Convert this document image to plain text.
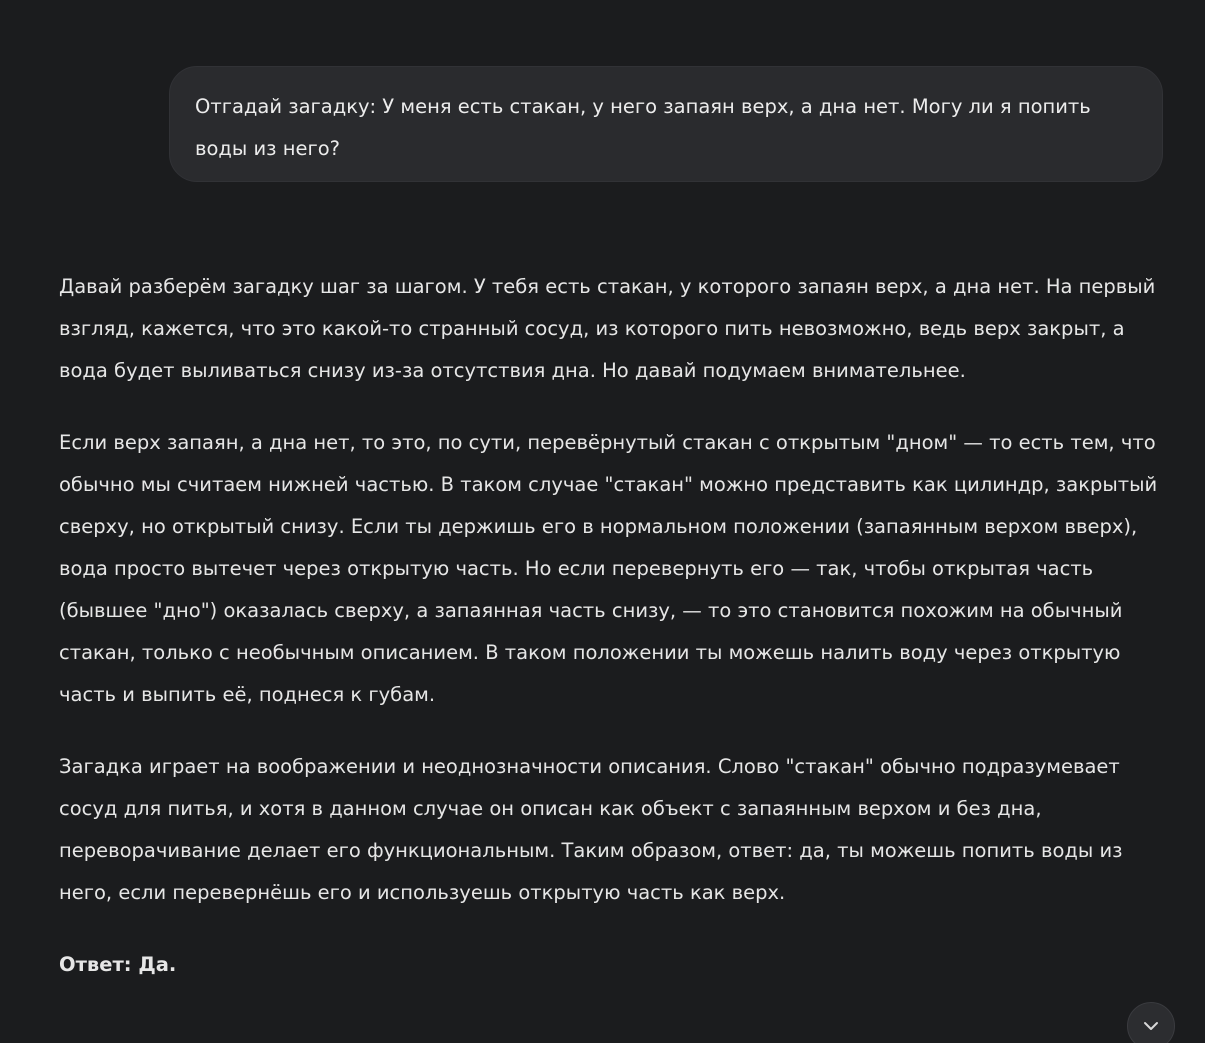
Отгадай загадку: У меня есть стакан, у него запаян верх, а дна нет. Могу ли я попить воды из него?

Давай разберём загадку шаг за шагом. У тебя есть стакан, у которого запаян верх, а дна нет. На первый взгляд, кажется, что это какой-то странный сосуд, из которого пить невозможно, ведь верх закрыт, а вода будет выливаться снизу из-за отсутствия дна. Но давай подумаем внимательнее.

Если верх запаян, а дна нет, то это, по сути, перевёрнутый стакан с открытым "дном" — то есть тем, что обычно мы считаем нижней частью. В таком случае "стакан" можно представить как цилиндр, закрытый сверху, но открытый снизу. Если ты держишь его в нормальном положении (запаянным верхом вверх), вода просто вытечет через открытую часть. Но если перевернуть его — так, чтобы открытая часть (бывшее "дно") оказалась сверху, а запаянная часть снизу, — то это становится похожим на обычный стакан, только с необычным описанием. В таком положении ты можешь налить воду через открытую часть и выпить её, поднеся к губам.

Загадка играет на воображении и неоднозначности описания. Слово "стакан" обычно подразумевает сосуд для питья, и хотя в данном случае он описан как объект с запаянным верхом и без дна, переворачивание делает его функциональным. Таким образом, ответ: да, ты можешь попить воды из него, если перевернёшь его и используешь открытую часть как верх.

Ответ: Да.
